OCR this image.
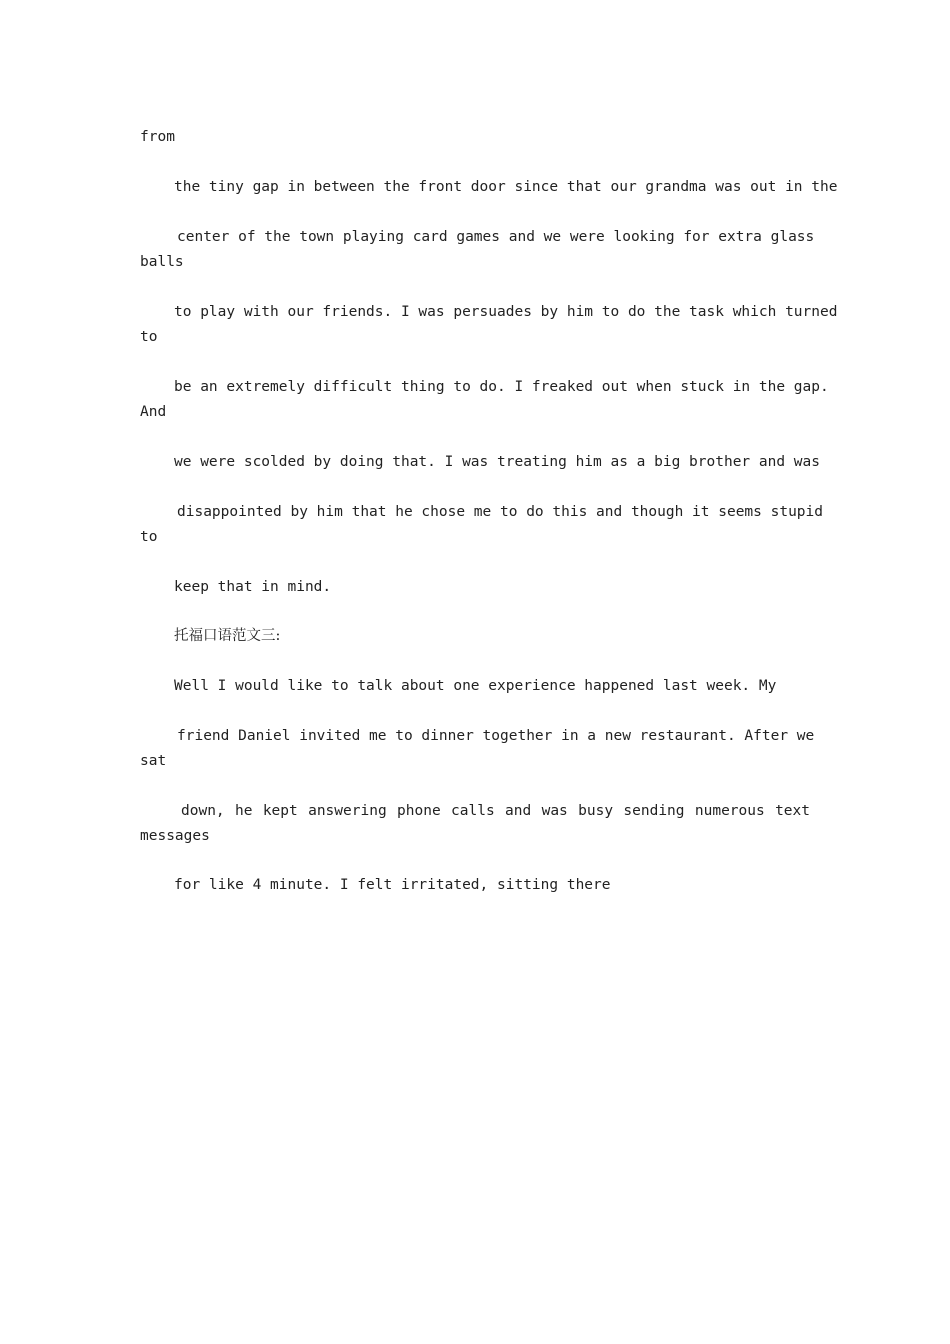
from
the tiny gap in between the front door since that our grandma was out in the
center of the town playing card games and we were looking for extra glass
balls
to play with our friends. I was persuades by him to do the task which turned
to
be an extremely difficult thing to do. I freaked out when stuck in the gap.
And
we were scolded by doing that. I was treating him as a big brother and was
disappointed by him that he chose me to do this and though it seems stupid
to
keep that in mind.
托福口语范文三:
Well I would like to talk about one experience happened last week. My
friend Daniel invited me to dinner together in a new restaurant. After we
sat
down, he kept answering phone calls and was busy sending numerous text
messages
for like 4 minute. I felt irritated, sitting there
